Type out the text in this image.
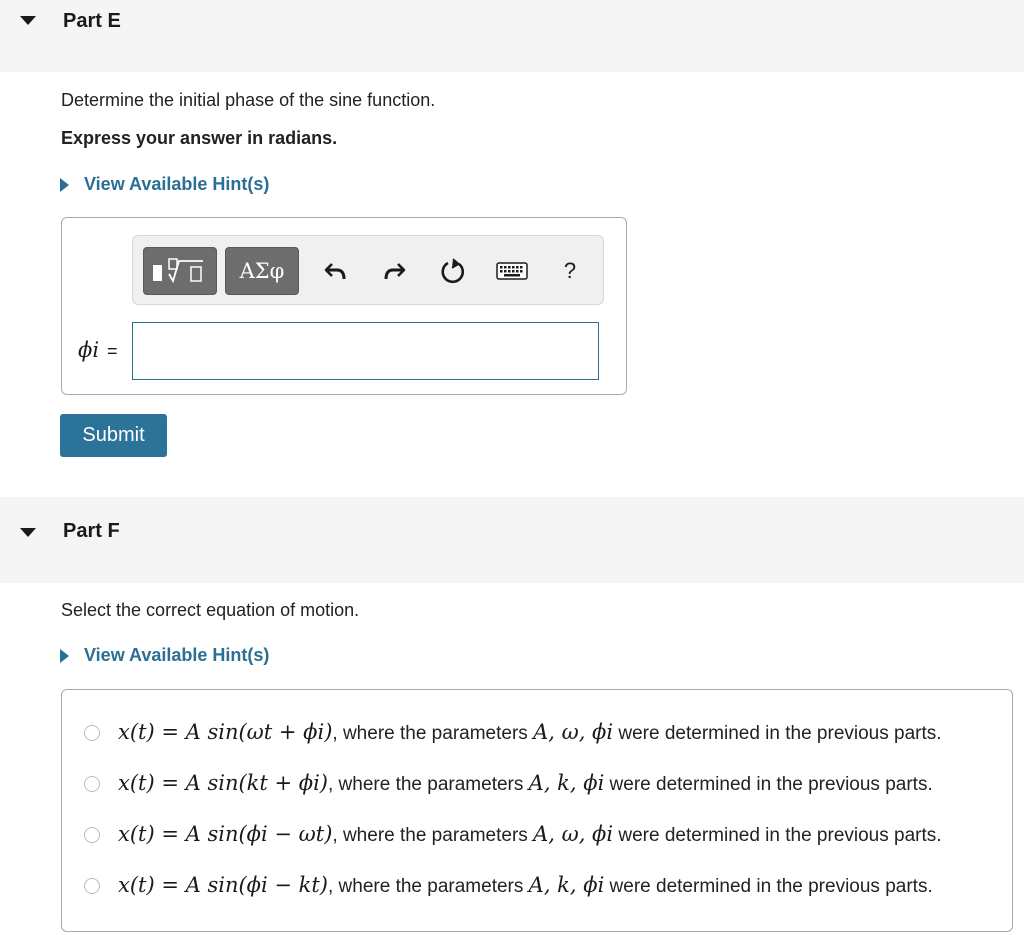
Part E
Determine the initial phase of the sine function.
Express your answer in radians.
View Available Hint(s)
ΑΣφ	?
ϕi =
Submit
Part F
Select the correct equation of motion.
View Available Hint(s)
x(t) = A sin(ωt + ϕi) , where the parameters A, ω, ϕi were determined in the previous parts.
x(t) = A sin(kt + ϕi) , where the parameters A, k, ϕi were determined in the previous parts.
x(t) = A sin(ϕi − ωt) , where the parameters A, ω, ϕi were determined in the previous parts.
x(t) = A sin(ϕi − kt) , where the parameters A, k, ϕi were determined in the previous parts.
